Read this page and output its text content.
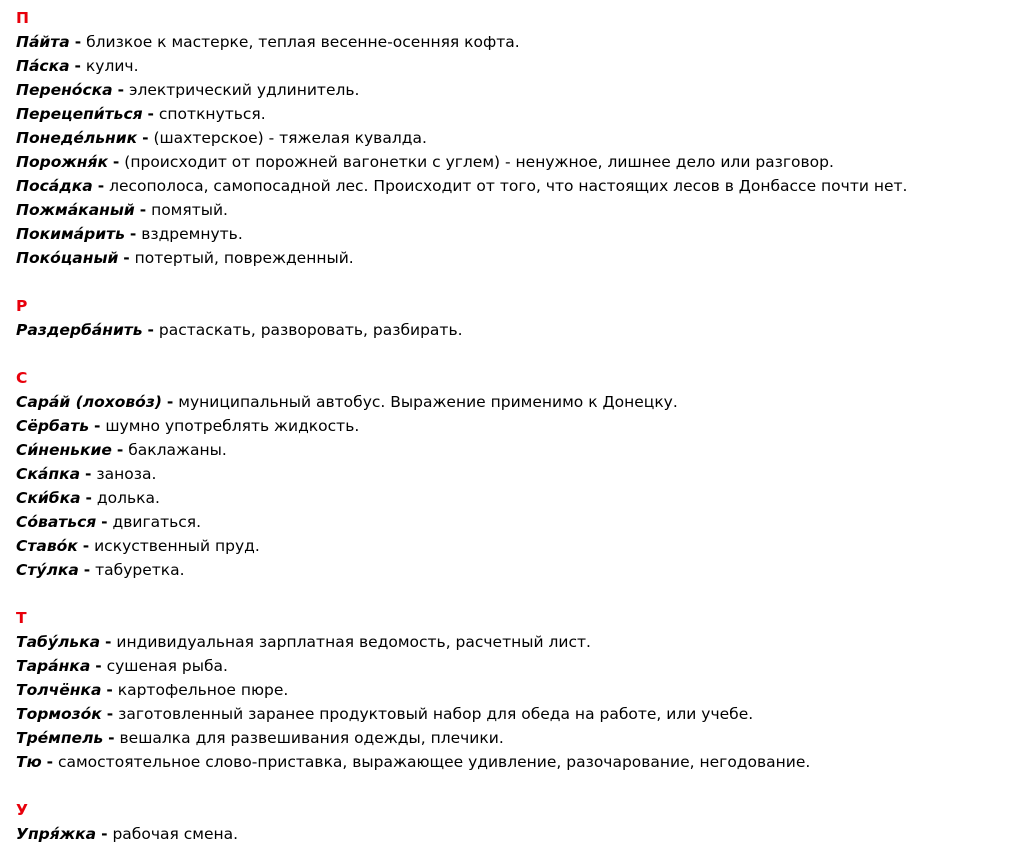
П
Па́йта - близкое к мастерке, теплая весенне-осенняя кофта.
Па́ска - кулич.
Перено́ска - электрический удлинитель.
Перецепи́ться - споткнуться.
Понеде́льник - (шахтерское) - тяжелая кувалда.
Порожня́к - (происходит от порожней вагонетки с углем) - ненужное, лишнее дело или разговор.
Поса́дка - лесополоса, самопосадной лес. Происходит от того, что настоящих лесов в Донбассе почти нет.
Пожма́каный - помятый.
Покима́рить - вздремнуть.
Поко́цаный - потертый, поврежденный.
Р
Раздерба́нить - растаскать, разворовать, разбирать.
С
Сара́й (лохово́з) - муниципальный автобус. Выражение применимо к Донецку.
Сёрбать - шумно употреблять жидкость.
Си́ненькие - баклажаны.
Ска́пка - заноза.
Ски́бка - долька.
Со́ваться - двигаться.
Ставо́к - искуственный пруд.
Сту́лка - табуретка.
Т
Табу́лька - индивидуальная зарплатная ведомость, расчетный лист.
Тара́нка - сушеная рыба.
Толчёнка - картофельное пюре.
Тормозо́к - заготовленный заранее продуктовый набор для обеда на работе, или учебе.
Тре́мпель - вешалка для развешивания одежды, плечики.
Тю - самостоятельное слово-приставка, выражающее удивление, разочарование, негодование.
У
Упря́жка - рабочая смена.
